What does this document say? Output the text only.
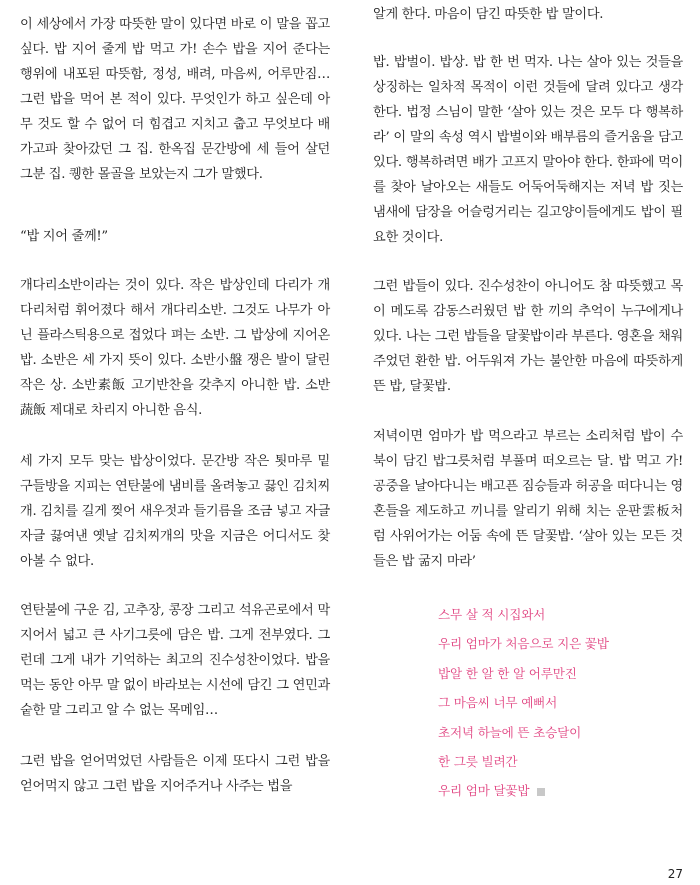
이 세상에서 가장 따뜻한 말이 있다면 바로 이 말을 꼽고 싶다. 밥 지어 줄게 밥 먹고 가! 손수 밥을 지어 준다는 행위에 내포된 따뜻함, 정성, 배려, 마음씨, 어루만짐… 그런 밥을 먹어 본 적이 있다. 무엇인가 하고 싶은데 아무 것도 할 수 없어 더 힘겹고 지치고 춥고 무엇보다 배가고파 찾아갔던 그 집. 한옥집 문간방에 세 들어 살던 그분 집. 퀭한 몰골을 보았는지 그가 말했다.

“밥 지어 줄께!”

개다리소반이라는 것이 있다. 작은 밥상인데 다리가 개다리처럼 휘어졌다 해서 개다리소반. 그것도 나무가 아닌 플라스틱용으로 접었다 펴는 소반. 그 밥상에 지어온 밥. 소반은 세 가지 뜻이 있다. 소반小盤 쟁은 발이 달린 작은 상. 소반素飯 고기반찬을 갖추지 아니한 밥. 소반蔬飯 제대로 차리지 아니한 음식.

세 가지 모두 맞는 밥상이었다. 문간방 작은 툇마루 밑 구들방을 지피는 연탄불에 냄비를 올려놓고 끓인 김치찌개. 김치를 길게 찢어 새우젓과 들기름을 조금 넣고 자글자글 끓여낸 옛날 김치찌개의 맛을 지금은 어디서도 찾아볼 수 없다.

연탄불에 구운 김, 고추장, 콩장 그리고 석유곤로에서 막 지어서 넓고 큰 사기그릇에 담은 밥. 그게 전부였다. 그런데 그게 내가 기억하는 최고의 진수성찬이었다. 밥을 먹는 동안 아무 말 없이 바라보는 시선에 담긴 그 연민과 숱한 말 그리고 알 수 없는 목메임…

그런 밥을 얻어먹었던 사람들은 이제 또다시 그런 밥을 얻어먹지 않고 그런 밥을 지어주거나 사주는 법을

알게 한다. 마음이 담긴 따뜻한 밥 말이다.

밥. 밥벌이. 밥상. 밥 한 번 먹자. 나는 살아 있는 것들을 상징하는 일차적 목적이 이런 것들에 달려 있다고 생각한다. 법정 스님이 말한 ‘살아 있는 것은 모두 다 행복하라’ 이 말의 속성 역시 밥벌이와 배부름의 즐거움을 담고 있다. 행복하려면 배가 고프지 말아야 한다. 한파에 먹이를 찾아 날아오는 새들도 어둑어둑해지는 저녁 밥 짓는 냄새에 담장을 어슬렁거리는 길고양이들에게도 밥이 필요한 것이다.

그런 밥들이 있다. 진수성찬이 아니어도 참 따뜻했고 목이 메도록 감동스러웠던 밥 한 끼의 추억이 누구에게나 있다. 나는 그런 밥들을 달꽃밥이라 부른다. 영혼을 채워주었던 환한 밥. 어두워져 가는 불안한 마음에 따뜻하게 뜬 밥, 달꽃밥.

저녁이면 엄마가 밥 먹으라고 부르는 소리처럼 밥이 수북이 담긴 밥그릇처럼 부풀며 떠오르는 달. 밥 먹고 가! 공중을 날아다니는 배고픈 짐승들과 허공을 떠다니는 영혼들을 제도하고 끼니를 알리기 위해 치는 운판雲板처럼 사위어가는 어둠 속에 뜬 달꽃밥. ‘살아 있는 모든 것들은 밥 굶지 마라’

스무 살 적 시집와서
우리 엄마가 처음으로 지은 꽃밥
밥알 한 알 한 알 어루만진
그 마음씨 너무 예뻐서
초저녁 하늘에 뜬 초승달이
한 그릇 빌려간
우리 엄마 달꽃밥
27
